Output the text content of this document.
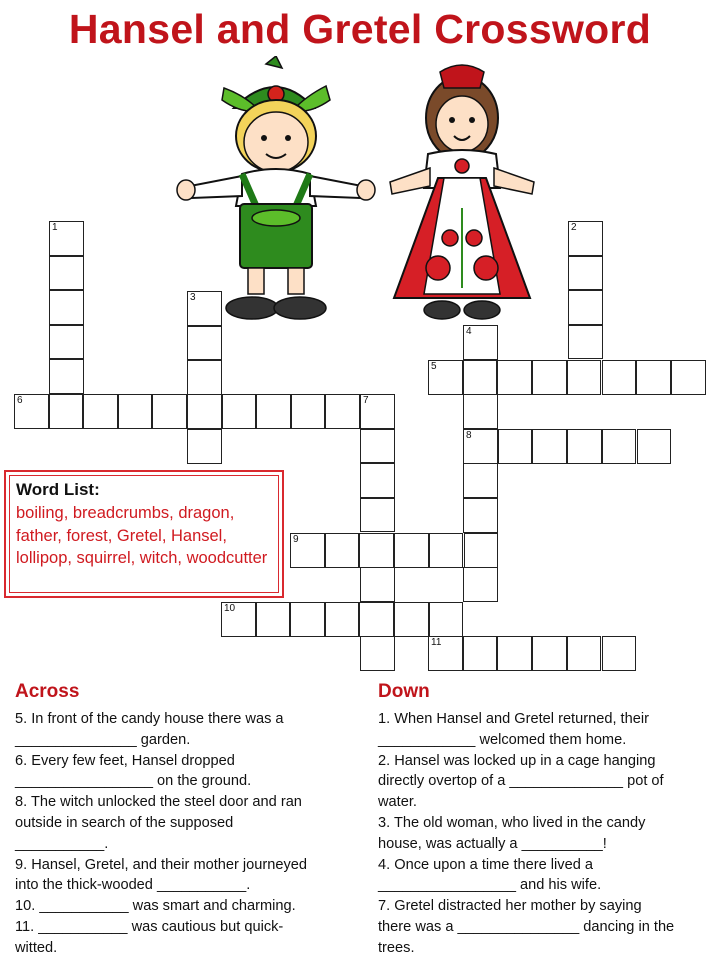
Hansel and Gretel Crossword
1	2
3
4
5
6	7
8
9
10
11
Word List:
boiling, breadcrumbs, dragon, father, forest, Gretel, Hansel, lollipop, squirrel, witch, woodcutter
Across
5. In front of the candy house there was a
_______________ garden.
6. Every few feet, Hansel dropped
_________________ on the ground.
8. The witch unlocked the steel door and ran
outside in search of the supposed
___________.
9. Hansel, Gretel, and their mother journeyed
into the thick-wooded ___________.
10. ___________ was smart and charming.
11. ___________ was cautious but quick-
witted.
Down
1. When Hansel and Gretel returned, their
____________ welcomed them home.
2. Hansel was locked up in a cage hanging
directly overtop of a ______________ pot of
water.
3. The old woman, who lived in the candy
house, was actually a __________!
4. Once upon a time there lived a
_________________ and his wife.
7. Gretel distracted her mother by saying
there was a _______________ dancing in the
trees.
